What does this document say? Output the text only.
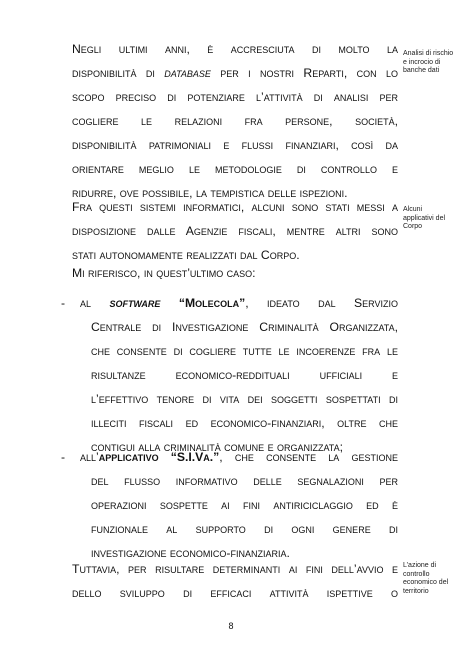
Negli ultimi anni, è accresciuta di molto la
disponibilità di database per i nostri Reparti, con lo
scopo preciso di potenziare l’attività di analisi per
cogliere le relazioni fra persone, società,
disponibilità patrimoniali e flussi finanziari, così da
orientare meglio le metodologie di controllo e
ridurre, ove possibile, la tempistica delle ispezioni.
Fra questi sistemi informatici, alcuni sono stati messi a
disposizione dalle Agenzie fiscali, mentre altri sono
stati autonomamente realizzati dal Corpo.
Mi riferisco, in quest’ultimo caso:
- al software “Molecola”, ideato dal Servizio
Centrale di Investigazione Criminalità Organizzata,
che consente di cogliere tutte le incoerenze fra le
risultanze economico-reddituali ufficiali e
l’effettivo tenore di vita dei soggetti sospettati di
illeciti fiscali ed economico-finanziari, oltre che
contigui alla criminalità comune e organizzata;
- all’applicativo “S.I.Va.”, che consente la gestione
del flusso informativo delle segnalazioni per
operazioni sospette ai fini antiriciclaggio ed è
funzionale al supporto di ogni genere di
investigazione economico-finanziaria.
Tuttavia, per risultare determinanti ai fini dell’avvio e
dello sviluppo di efficaci attività ispettive o
Analisi di rischio e incrocio di banche dati
Alcuni applicativi del Corpo
L’azione di controllo economico del territorio
8
